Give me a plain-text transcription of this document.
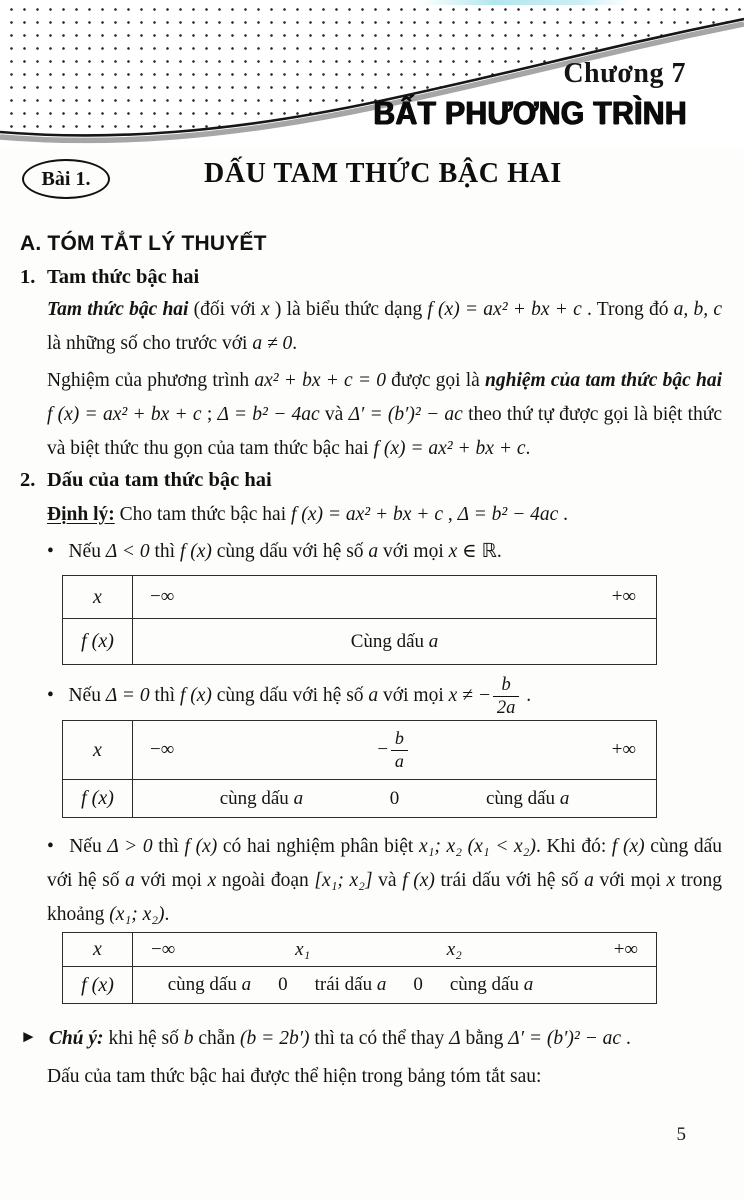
Chương 7
BẤT PHƯƠNG TRÌNH
Bài 1.	DẤU TAM THỨC BẬC HAI
A. TÓM TẮT LÝ THUYẾT
1. Tam thức bậc hai

Tam thức bậc hai (đối với x ) là biểu thức dạng f (x) = ax² + bx + c . Trong đó a, b, c là những số cho trước với a ≠ 0.

Nghiệm của phương trình ax² + bx + c = 0 được gọi là nghiệm của tam thức bậc hai f (x) = ax² + bx + c ; Δ = b² − 4ac và Δ′ = (b′)² − ac theo thứ tự được gọi là biệt thức và biệt thức thu gọn của tam thức bậc hai f (x) = ax² + bx + c.

2. Dấu của tam thức bậc hai

Định lý: Cho tam thức bậc hai f (x) = ax² + bx + c , Δ = b² − 4ac .

•  Nếu Δ < 0 thì f (x) cùng dấu với hệ số a với mọi x ∈ ℝ.

x	−∞ +∞

f (x)	Cùng dấu a

•  Nếu Δ = 0 thì f (x) cùng dấu với hệ số a với mọi x ≠ − $\frac{b}{2a}$ .

x	−∞ − $\frac{b}{a}$ +∞

f (x)	cùng dấu a 0 cùng dấu a

•  Nếu Δ > 0 thì f (x) có hai nghiệm phân biệt x₁; x₂ (x₁ < x₂). Khi đó: f (x) cùng dấu với hệ số a với mọi x ngoài đoạn [x₁; x₂] và f (x) trái dấu với hệ số a với mọi x trong khoảng (x₁; x₂).

x	−∞ x₁ x₂ +∞

f (x)	cùng dấu a 0 trái dấu a 0 cùng dấu a

► Chú ý: khi hệ số b chẵn (b = 2b′) thì ta có thể thay Δ bằng Δ′ = (b′)² − ac .

Dấu của tam thức bậc hai được thể hiện trong bảng tóm tắt sau:

5
